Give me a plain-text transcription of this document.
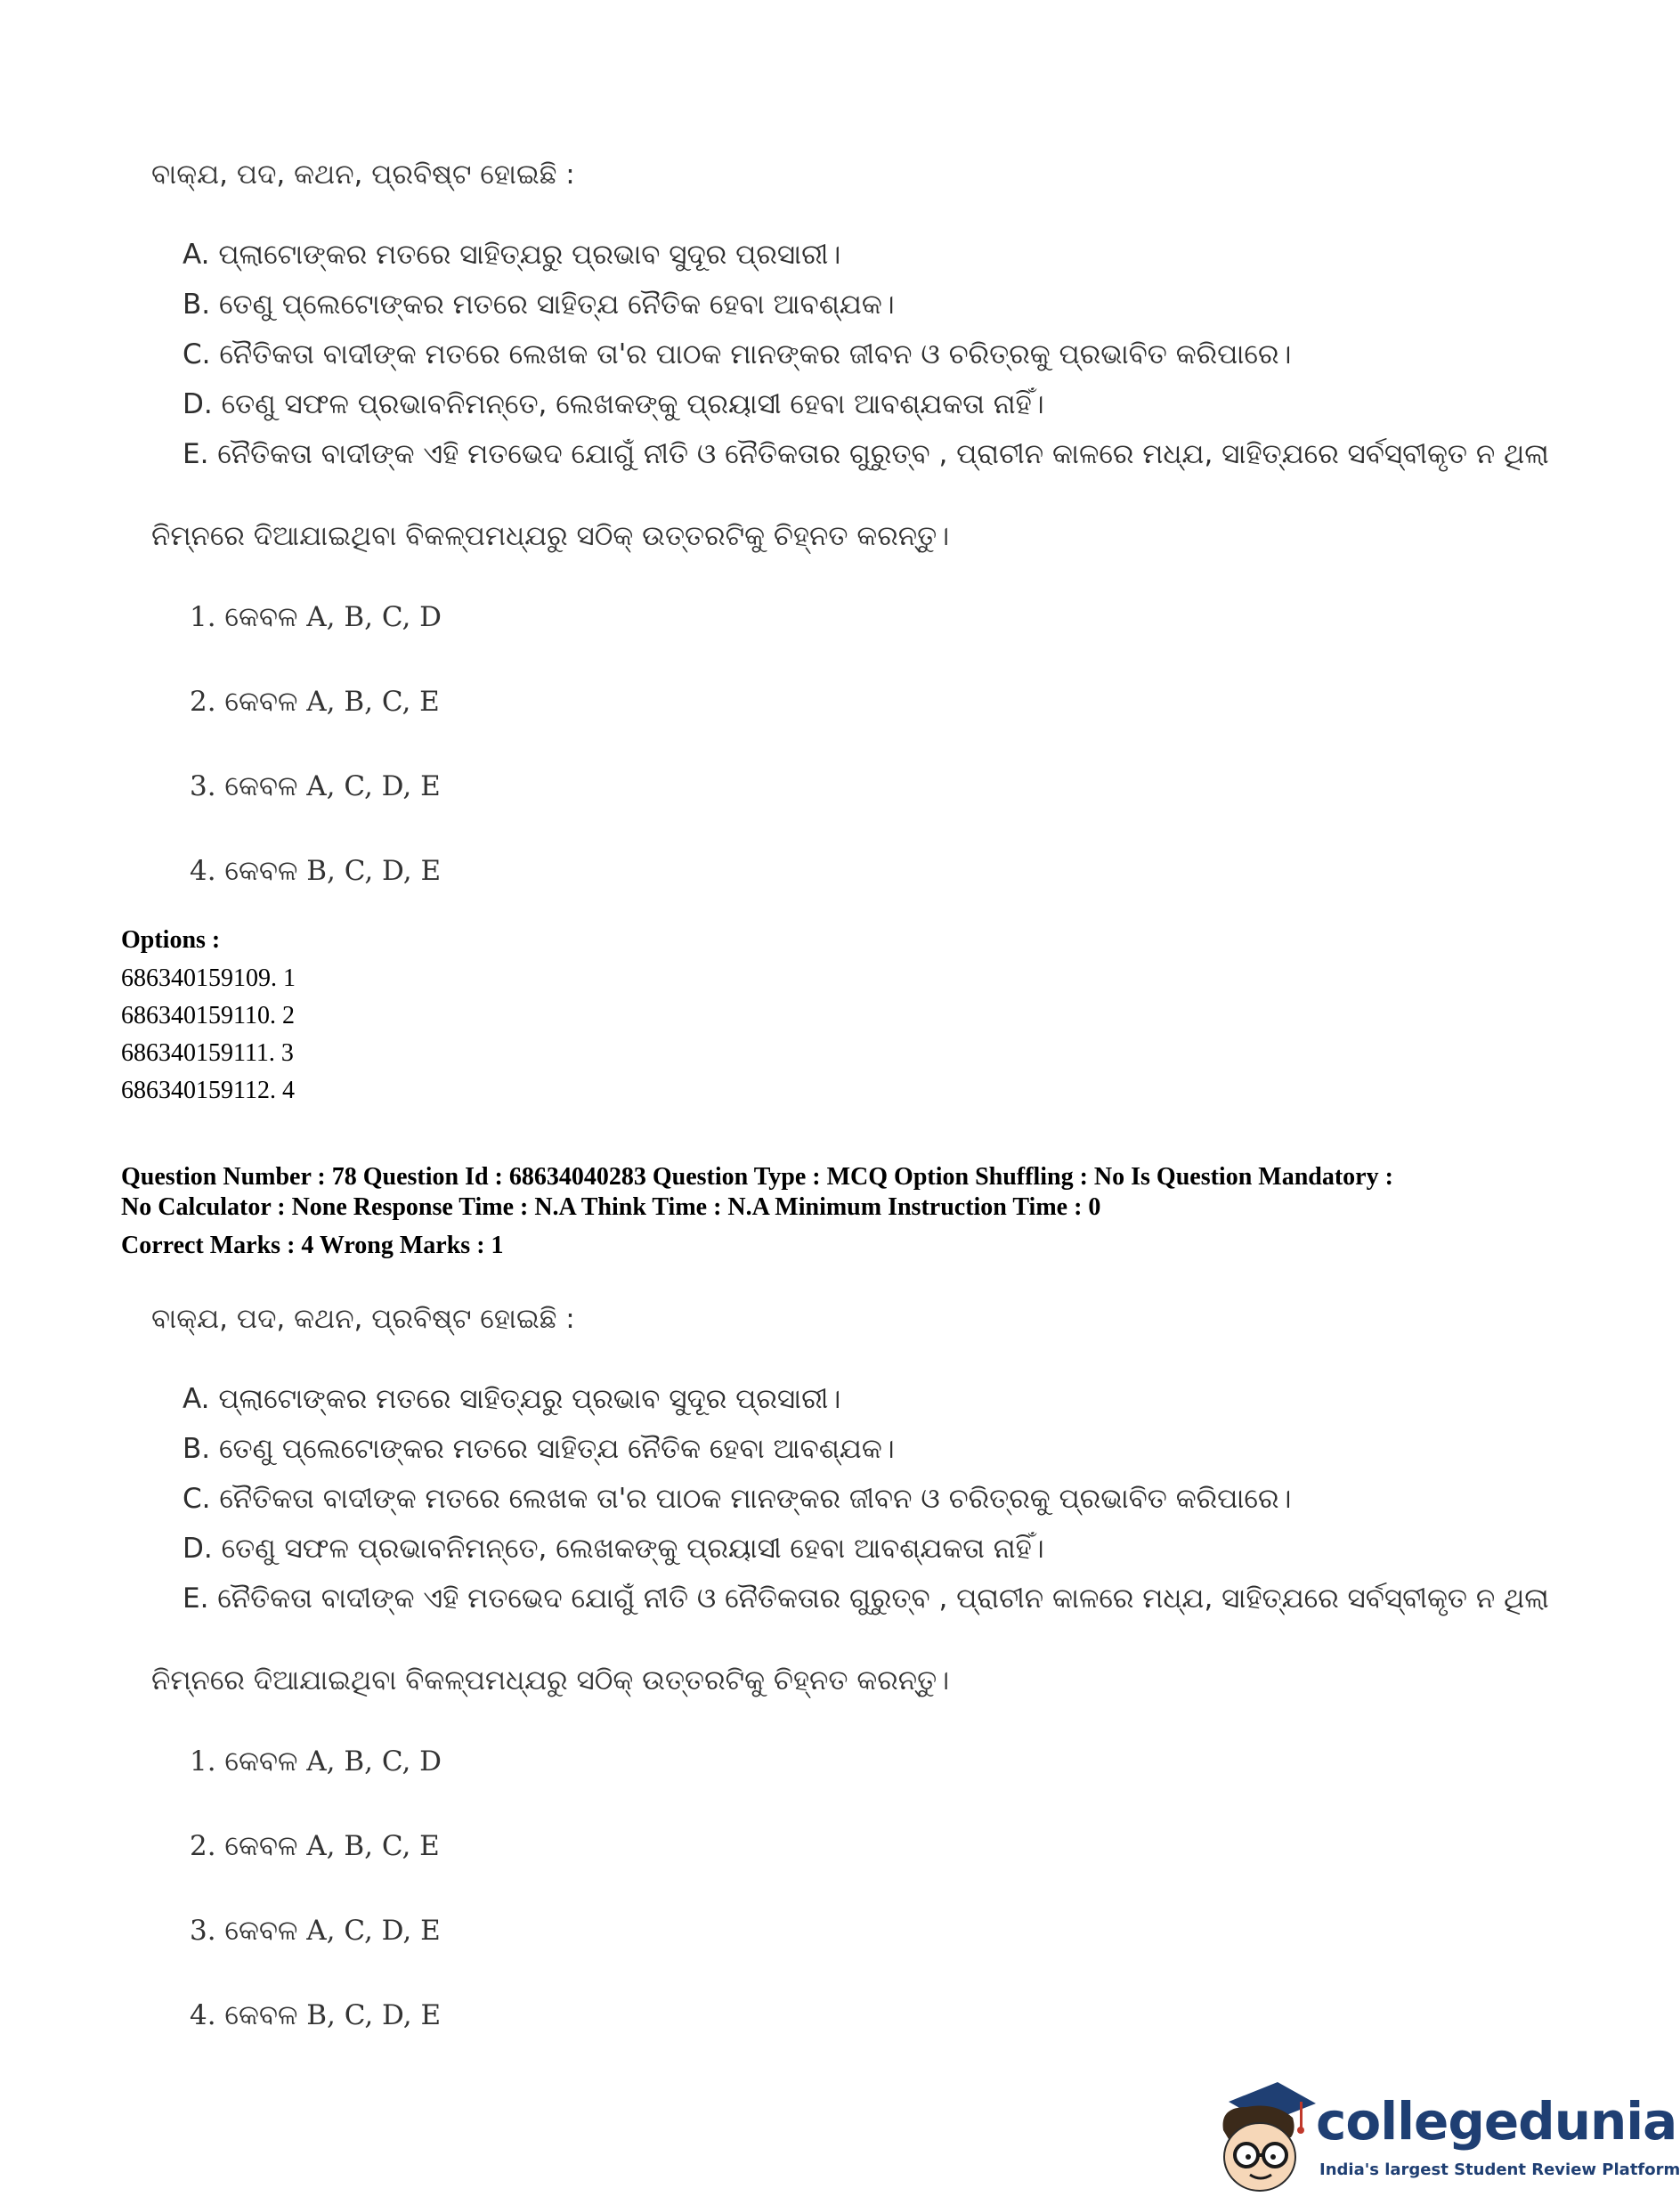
ବାକ୍ଯ, ପଦ, କଥନ, ପ୍ରବିଷ୍ଟ ହୋଇଛି :
A. ପ୍ଲାଟୋଙ୍କର ମତରେ ସାହିତ୍ଯରୁ ପ୍ରଭାବ ସୁଦୂର ପ୍ରସାରୀ।
B. ତେଣୁ ପ୍ଲେଟୋଙ୍କର ମତରେ ସାହିତ୍ଯ ନୈତିକ ହେବା ଆବଶ୍ଯକ।
C. ନୈତିକତା ବାଦୀଙ୍କ ମତରେ ଲେଖକ ତା'ର ପାଠକ ମାନଙ୍କର ଜୀବନ ଓ ଚରିତ୍ରକୁ ପ୍ରଭାବିତ କରିପାରେ।
D. ତେଣୁ ସଫଳ ପ୍ରଭାବନିମନ୍ତେ, ଲେଖକଙ୍କୁ ପ୍ରୟାସୀ ହେବା ଆବଶ୍ଯକତା ନାହିଁ।
E. ନୈତିକତା ବାଦୀଙ୍କ ଏହି ମତଭେଦ ଯୋଗୁଁ ନୀତି ଓ ନୈତିକତାର ଗୁରୁତ୍ବ , ପ୍ରାଚୀନ କାଳରେ ମଧ୍ଯ, ସାହିତ୍ଯରେ ସର୍ବସ୍ବୀକୃତ ନ ଥିଲା
ନିମ୍ନରେ ଦିଆଯାଇଥିବା ବିକଳ୍ପମଧ୍ଯରୁ ସଠିକ୍ ଉତ୍ତରଟିକୁ ଚିହ୍ନତ କରନ୍ତୁ।
1. କେବଳ A, B, C, D
2. କେବଳ A, B, C, E
3. କେବଳ A, C, D, E
4. କେବଳ B, C, D, E
Options :
686340159109. 1
686340159110. 2
686340159111. 3
686340159112. 4
Question Number : 78 Question Id : 68634040283 Question Type : MCQ Option Shuffling : No Is Question Mandatory :
No Calculator : None Response Time : N.A Think Time : N.A Minimum Instruction Time : 0
Correct Marks : 4 Wrong Marks : 1
ବାକ୍ଯ, ପଦ, କଥନ, ପ୍ରବିଷ୍ଟ ହୋଇଛି :
A. ପ୍ଲାଟୋଙ୍କର ମତରେ ସାହିତ୍ଯରୁ ପ୍ରଭାବ ସୁଦୂର ପ୍ରସାରୀ।
B. ତେଣୁ ପ୍ଲେଟୋଙ୍କର ମତରେ ସାହିତ୍ଯ ନୈତିକ ହେବା ଆବଶ୍ଯକ।
C. ନୈତିକତା ବାଦୀଙ୍କ ମତରେ ଲେଖକ ତା'ର ପାଠକ ମାନଙ୍କର ଜୀବନ ଓ ଚରିତ୍ରକୁ ପ୍ରଭାବିତ କରିପାରେ।
D. ତେଣୁ ସଫଳ ପ୍ରଭାବନିମନ୍ତେ, ଲେଖକଙ୍କୁ ପ୍ରୟାସୀ ହେବା ଆବଶ୍ଯକତା ନାହିଁ।
E. ନୈତିକତା ବାଦୀଙ୍କ ଏହି ମତଭେଦ ଯୋଗୁଁ ନୀତି ଓ ନୈତିକତାର ଗୁରୁତ୍ବ , ପ୍ରାଚୀନ କାଳରେ ମଧ୍ଯ, ସାହିତ୍ଯରେ ସର୍ବସ୍ବୀକୃତ ନ ଥିଲା
ନିମ୍ନରେ ଦିଆଯାଇଥିବା ବିକଳ୍ପମଧ୍ଯରୁ ସଠିକ୍ ଉତ୍ତରଟିକୁ ଚିହ୍ନତ କରନ୍ତୁ।
1. କେବଳ A, B, C, D
2. କେବଳ A, B, C, E
3. କେବଳ A, C, D, E
4. କେବଳ B, C, D, E
collegedunia
India's largest Student Review Platform
